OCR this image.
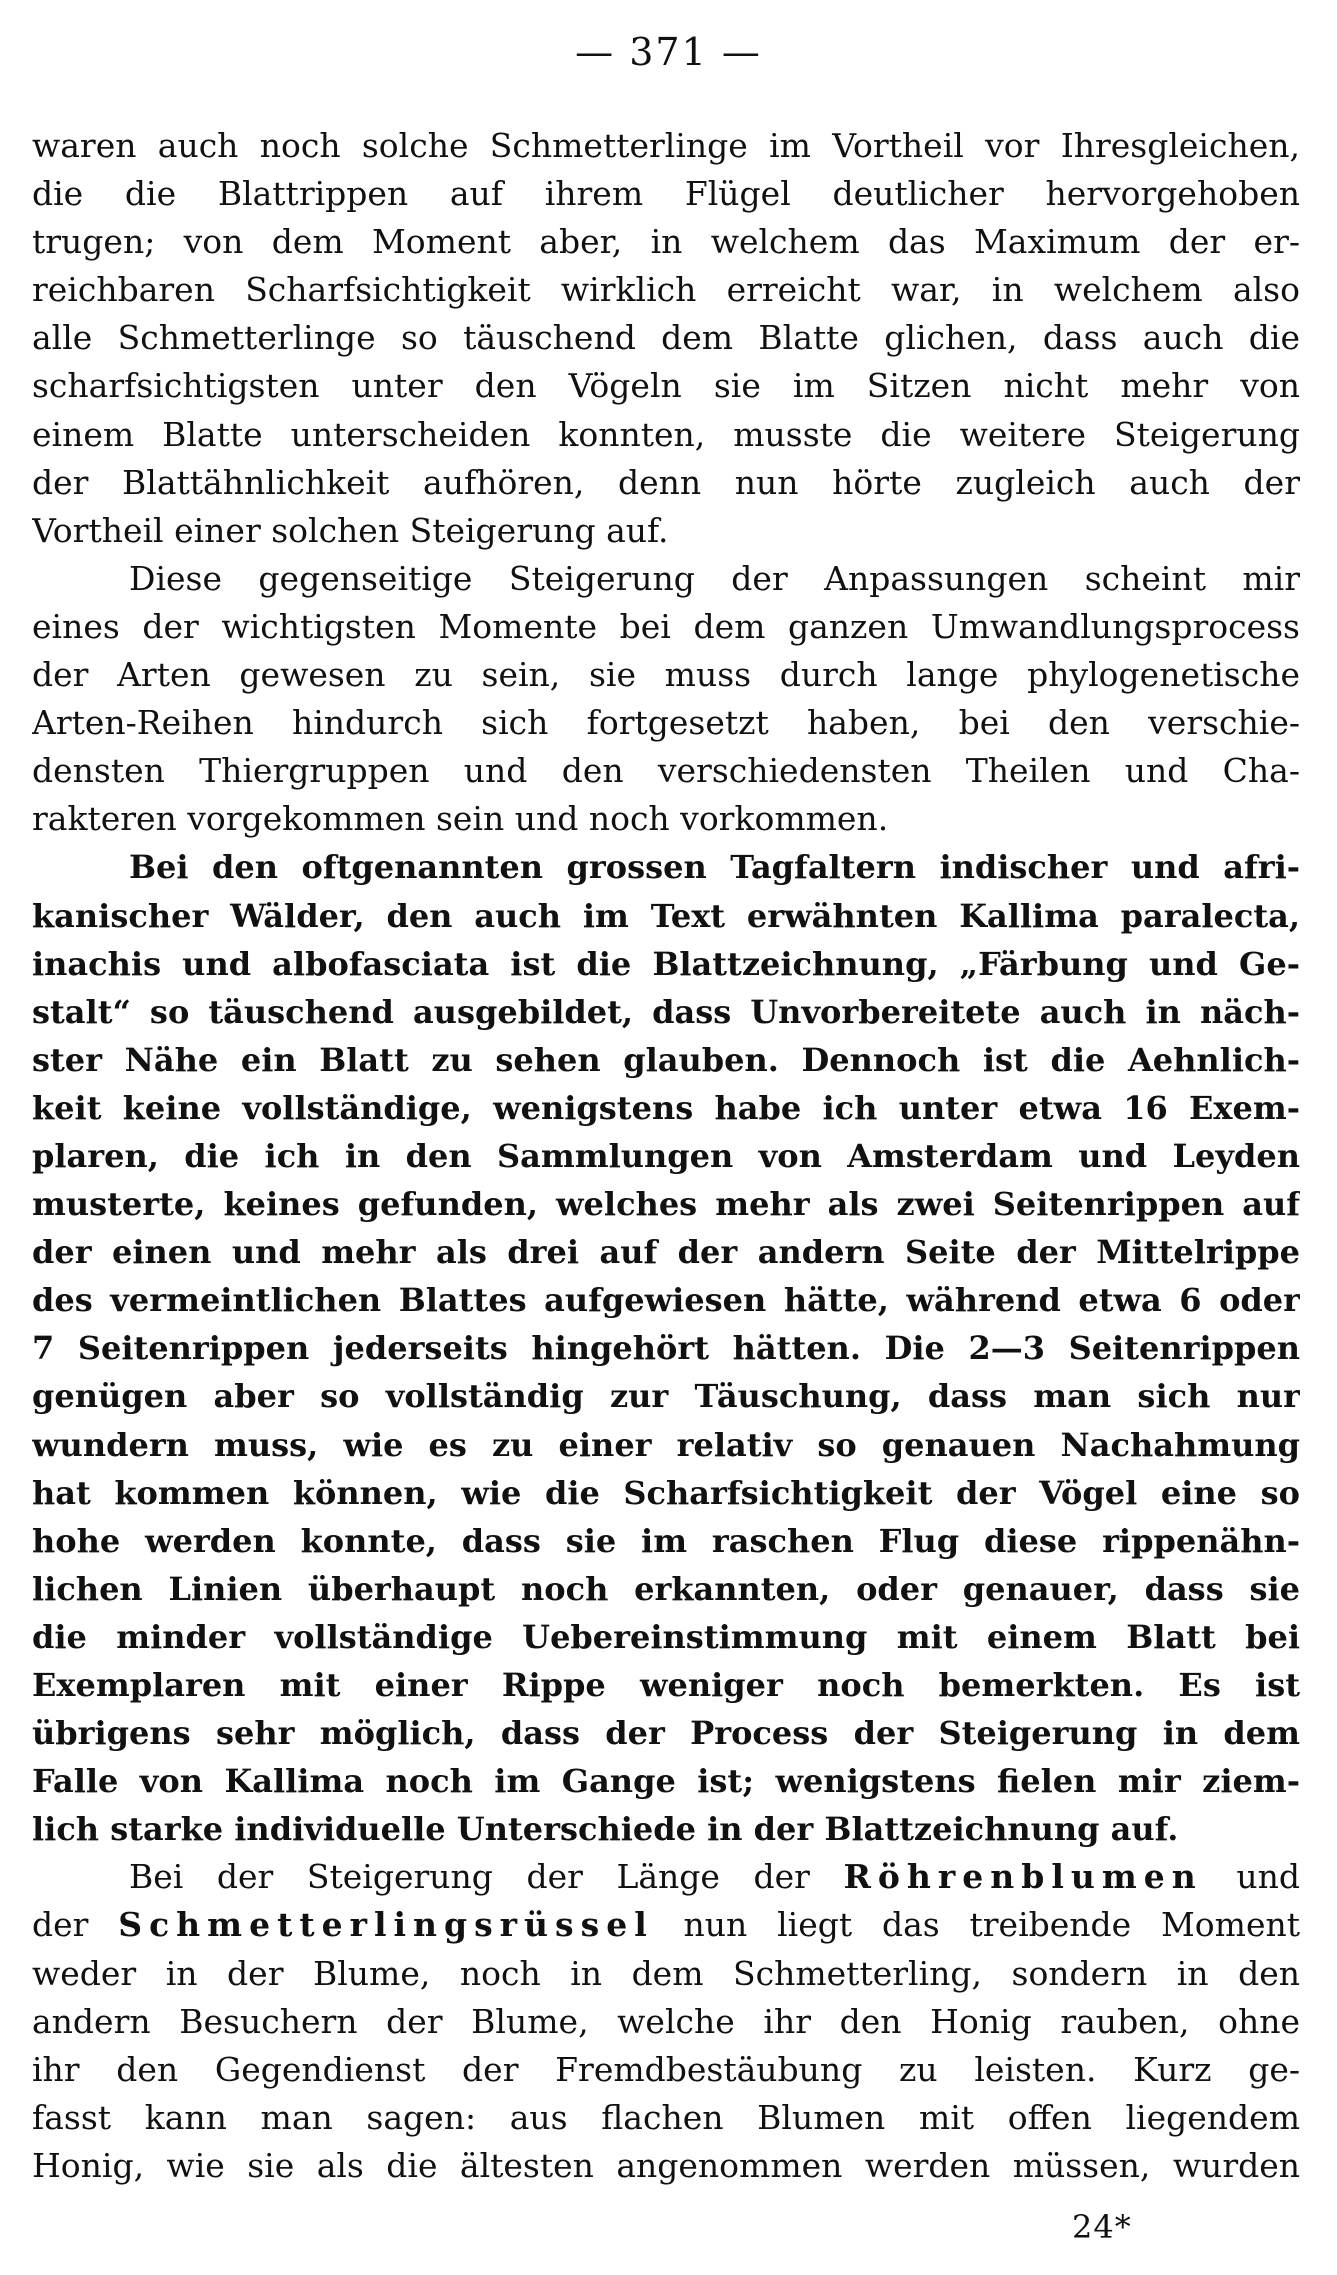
— 371 —
waren auch noch solche Schmetterlinge im Vortheil vor Ihresgleichen,
die die Blattrippen auf ihrem Flügel deutlicher hervorgehoben
trugen; von dem Moment aber, in welchem das Maximum der er-
reichbaren Scharfsichtigkeit wirklich erreicht war, in welchem also
alle Schmetterlinge so täuschend dem Blatte glichen, dass auch die
scharfsichtigsten unter den Vögeln sie im Sitzen nicht mehr von
einem Blatte unterscheiden konnten, musste die weitere Steigerung
der Blattähnlichkeit aufhören, denn nun hörte zugleich auch der
Vortheil einer solchen Steigerung auf.
Diese gegenseitige Steigerung der Anpassungen scheint mir
eines der wichtigsten Momente bei dem ganzen Umwandlungsprocess
der Arten gewesen zu sein, sie muss durch lange phylogenetische
Arten-Reihen hindurch sich fortgesetzt haben, bei den verschie-
densten Thiergruppen und den verschiedensten Theilen und Cha-
rakteren vorgekommen sein und noch vorkommen.
Bei den oftgenannten grossen Tagfaltern indischer und afri-
kanischer Wälder, den auch im Text erwähnten Kallima paralecta,
inachis und albofasciata ist die Blattzeichnung, „Färbung und Ge-
stalt“ so täuschend ausgebildet, dass Unvorbereitete auch in näch-
ster Nähe ein Blatt zu sehen glauben. Dennoch ist die Aehnlich-
keit keine vollständige, wenigstens habe ich unter etwa 16 Exem-
plaren, die ich in den Sammlungen von Amsterdam und Leyden
musterte, keines gefunden, welches mehr als zwei Seitenrippen auf
der einen und mehr als drei auf der andern Seite der Mittelrippe
des vermeintlichen Blattes aufgewiesen hätte, während etwa 6 oder
7 Seitenrippen jederseits hingehört hätten. Die 2—3 Seitenrippen
genügen aber so vollständig zur Täuschung, dass man sich nur
wundern muss, wie es zu einer relativ so genauen Nachahmung
hat kommen können, wie die Scharfsichtigkeit der Vögel eine so
hohe werden konnte, dass sie im raschen Flug diese rippenähn-
lichen Linien überhaupt noch erkannten, oder genauer, dass sie
die minder vollständige Uebereinstimmung mit einem Blatt bei
Exemplaren mit einer Rippe weniger noch bemerkten. Es ist
übrigens sehr möglich, dass der Process der Steigerung in dem
Falle von Kallima noch im Gange ist; wenigstens fielen mir ziem-
lich starke individuelle Unterschiede in der Blattzeichnung auf.
Bei der Steigerung der Länge der Röhrenblumen und
der Schmetterlingsrüssel nun liegt das treibende Moment
weder in der Blume, noch in dem Schmetterling, sondern in den
andern Besuchern der Blume, welche ihr den Honig rauben, ohne
ihr den Gegendienst der Fremdbestäubung zu leisten. Kurz ge-
fasst kann man sagen: aus flachen Blumen mit offen liegendem
Honig, wie sie als die ältesten angenommen werden müssen, wurden
24*
